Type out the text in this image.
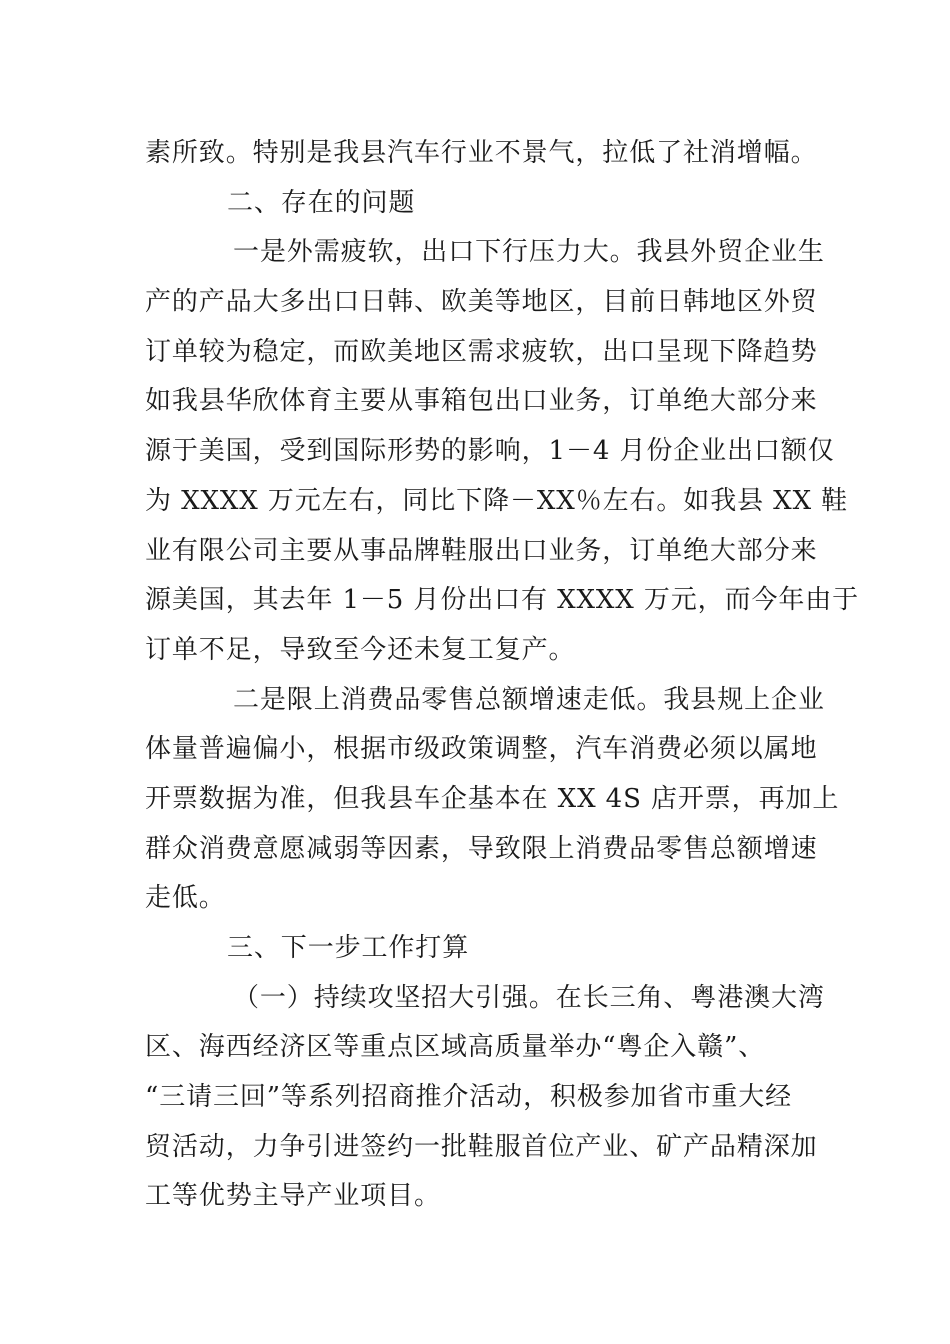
素所致。特别是我县汽车行业不景气，拉低了社消增幅。
二、存在的问题
一是外需疲软，出口下行压力大。我县外贸企业生
产的产品大多出口日韩、欧美等地区，目前日韩地区外贸
订单较为稳定，而欧美地区需求疲软，出口呈现下降趋势
如我县华欣体育主要从事箱包出口业务，订单绝大部分来
源于美国，受到国际形势的影响，1－4 月份企业出口额仅
为 XXXX 万元左右，同比下降－XX％左右。如我县 XX 鞋
业有限公司主要从事品牌鞋服出口业务，订单绝大部分来
源美国，其去年 1－5 月份出口有 XXXX 万元，而今年由于
订单不足，导致至今还未复工复产。
二是限上消费品零售总额增速走低。我县规上企业
体量普遍偏小，根据市级政策调整，汽车消费必须以属地
开票数据为准，但我县车企基本在 XX 4S 店开票，再加上
群众消费意愿减弱等因素，导致限上消费品零售总额增速
走低。
三、下一步工作打算
（一）持续攻坚招大引强。在长三角、粤港澳大湾
区、海西经济区等重点区域高质量举办“粤企入赣”、
“三请三回”等系列招商推介活动，积极参加省市重大经
贸活动，力争引进签约一批鞋服首位产业、矿产品精深加
工等优势主导产业项目。
